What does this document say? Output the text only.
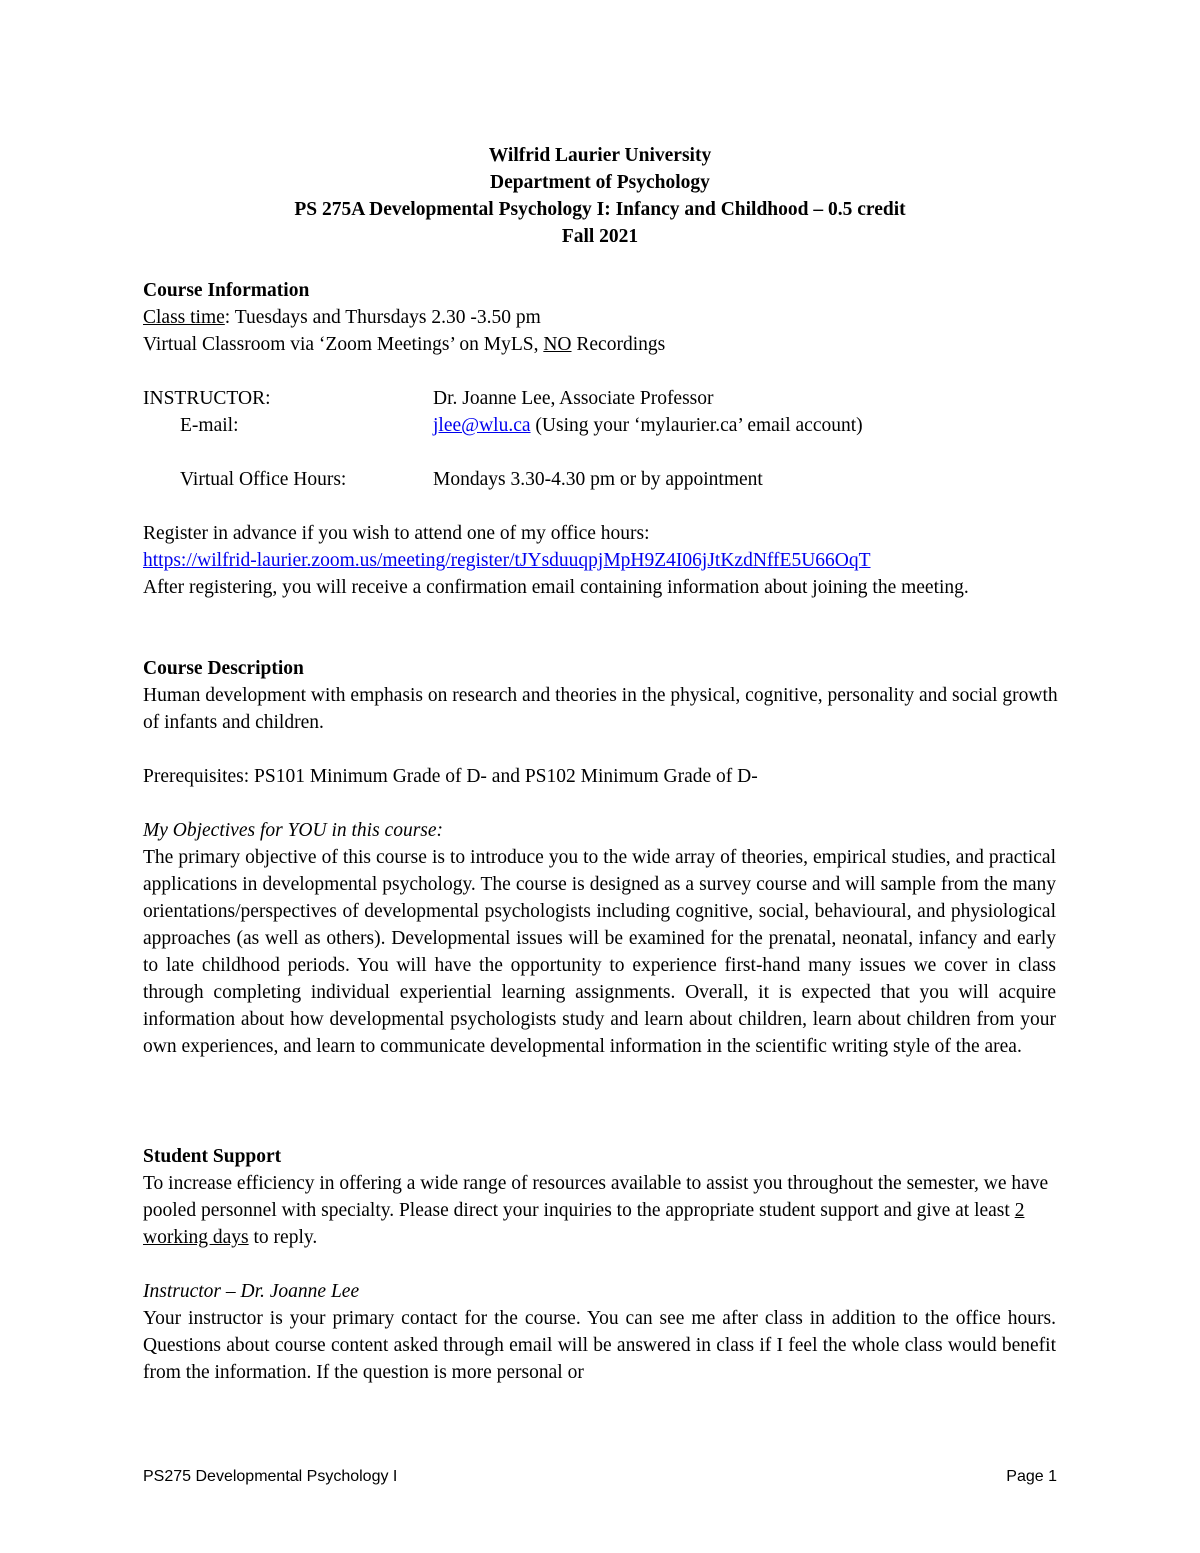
Wilfrid Laurier University
Department of Psychology
PS 275A Developmental Psychology I: Infancy and Childhood – 0.5 credit
Fall 2021
Course Information
Class time: Tuesdays and Thursdays 2.30 -3.50 pm
Virtual Classroom via ‘Zoom Meetings’ on MyLS, NO Recordings
INSTRUCTOR:	Dr. Joanne Lee, Associate Professor
E-mail:	jlee@wlu.ca (Using your ‘mylaurier.ca’ email account)
Virtual Office Hours:	Mondays 3.30-4.30 pm or by appointment
Register in advance if you wish to attend one of my office hours:
https://wilfrid-laurier.zoom.us/meeting/register/tJYsduuqpjMpH9Z4I06jJtKzdNffE5U66OqT
After registering, you will receive a confirmation email containing information about joining the meeting.
Course Description
Human development with emphasis on research and theories in the physical, cognitive, personality and social growth of infants and children.
Prerequisites: PS101 Minimum Grade of D- and PS102 Minimum Grade of D-
My Objectives for YOU in this course:
The primary objective of this course is to introduce you to the wide array of theories, empirical studies, and practical applications in developmental psychology. The course is designed as a survey course and will sample from the many orientations/perspectives of developmental psychologists including cognitive, social, behavioural, and physiological approaches (as well as others). Developmental issues will be examined for the prenatal, neonatal, infancy and early to late childhood periods. You will have the opportunity to experience first-hand many issues we cover in class through completing individual experiential learning assignments. Overall, it is expected that you will acquire information about how developmental psychologists study and learn about children, learn about children from your own experiences, and learn to communicate developmental information in the scientific writing style of the area.
Student Support
To increase efficiency in offering a wide range of resources available to assist you throughout the semester, we have pooled personnel with specialty. Please direct your inquiries to the appropriate student support and give at least 2 working days to reply.
Instructor – Dr. Joanne Lee
Your instructor is your primary contact for the course. You can see me after class in addition to the office hours. Questions about course content asked through email will be answered in class if I feel the whole class would benefit from the information. If the question is more personal or
PS275 Developmental Psychology I	Page 1
